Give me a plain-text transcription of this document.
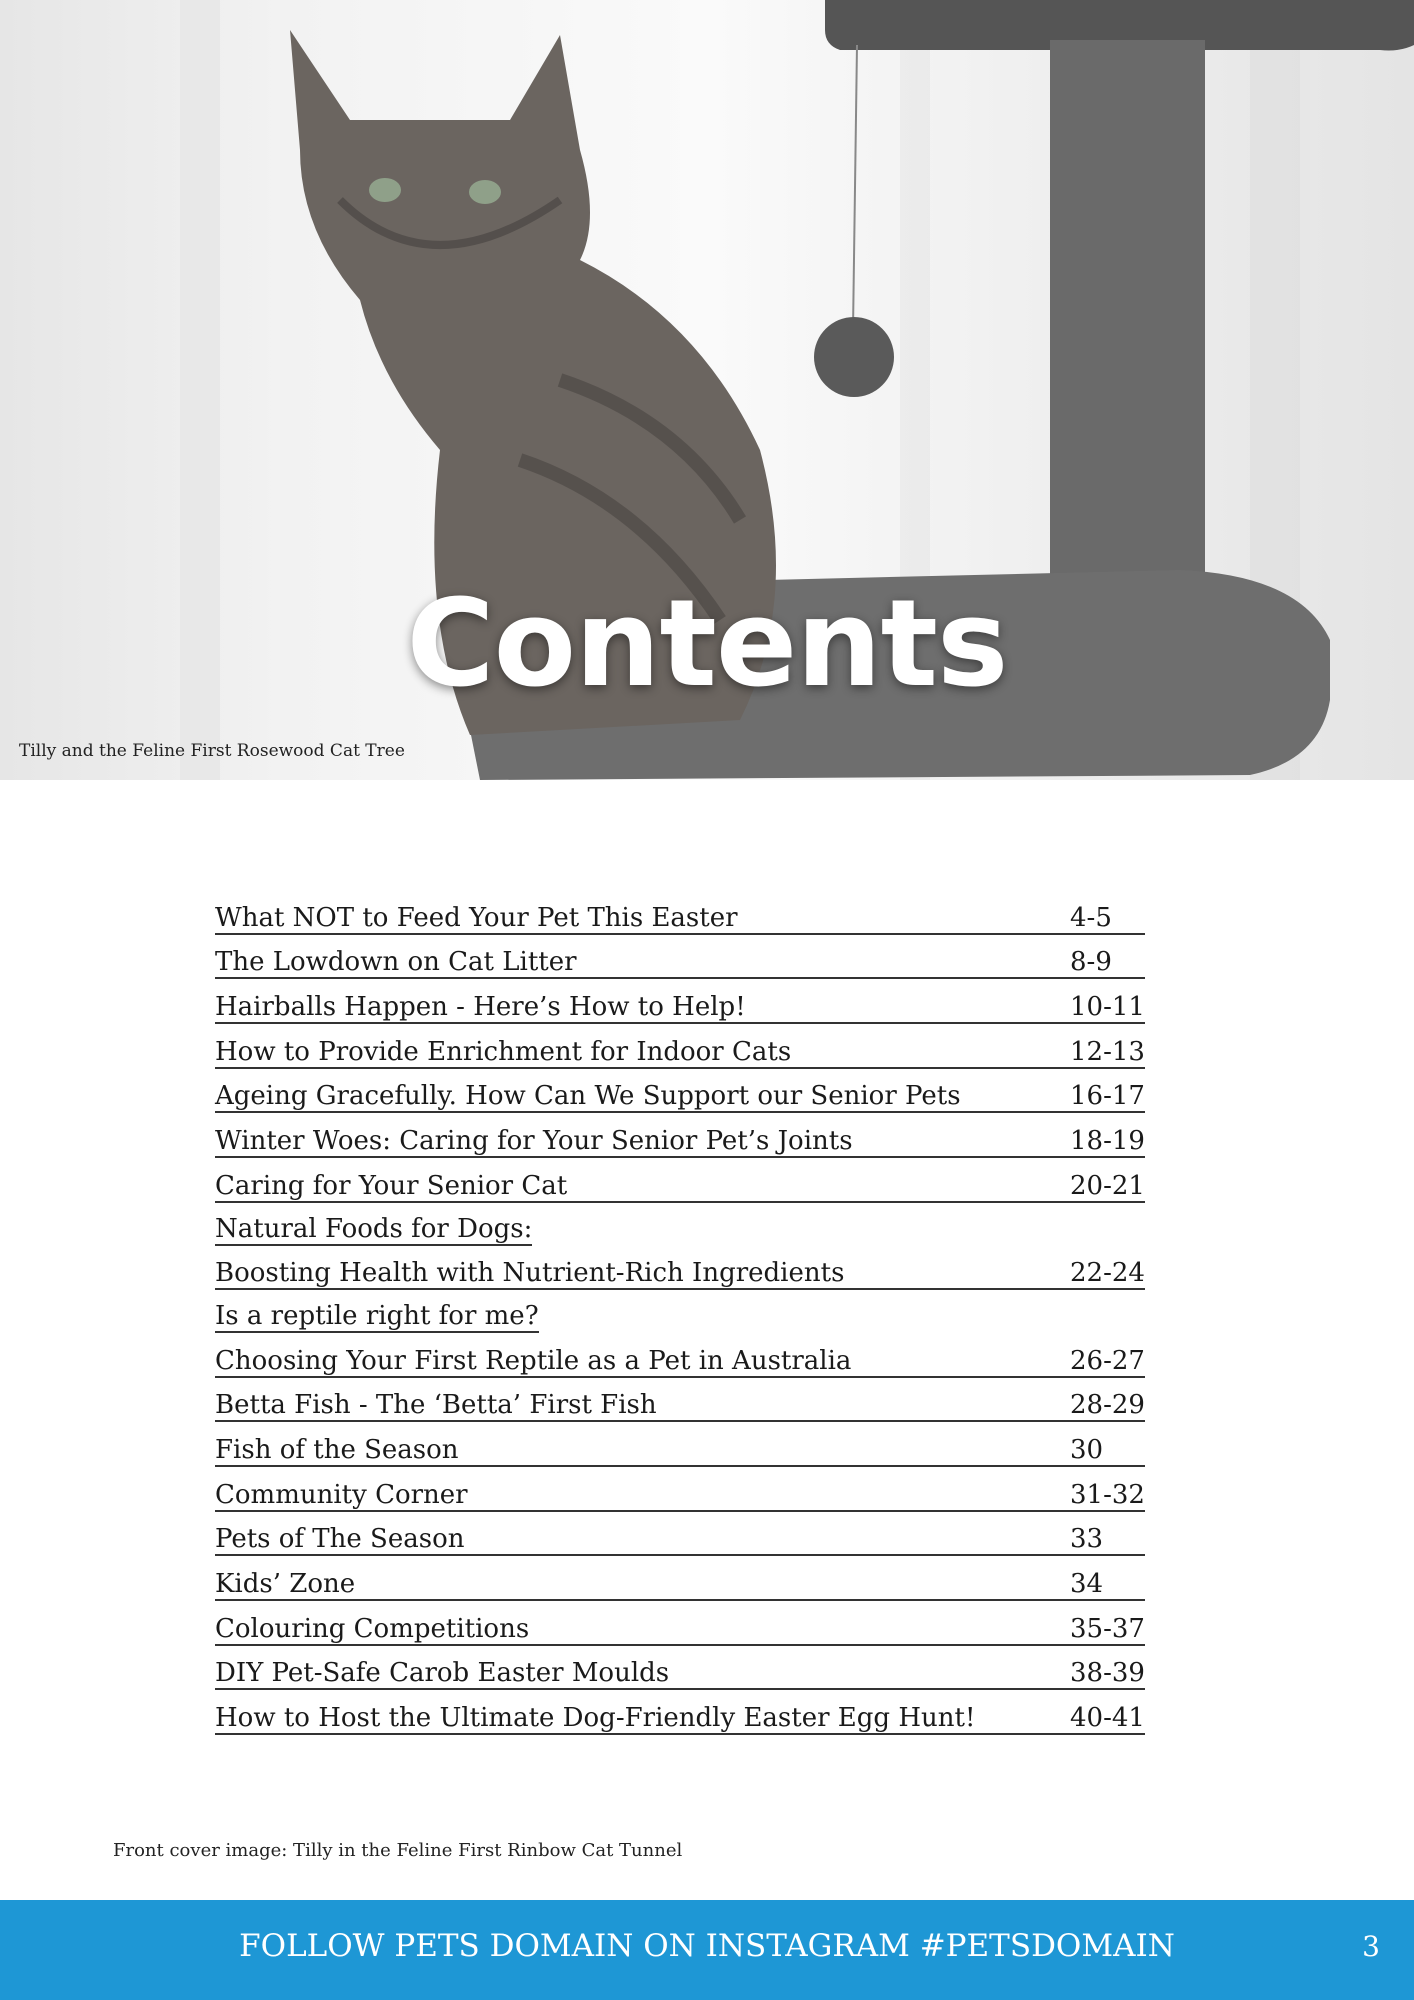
Contents
Tilly and the Feline First Rosewood Cat Tree
What NOT to Feed Your Pet This Easter	4-5
The Lowdown on Cat Litter	8-9
Hairballs Happen - Here’s How to Help!	10-11
How to Provide Enrichment for Indoor Cats	12-13
Ageing Gracefully. How Can We Support our Senior Pets	16-17
Winter Woes: Caring for Your Senior Pet’s Joints	18-19
Caring for Your Senior Cat	20-21
Natural Foods for Dogs:
Boosting Health with Nutrient-Rich Ingredients	22-24
Is a reptile right for me?
Choosing Your First Reptile as a Pet in Australia	26-27
Betta Fish - The ‘Betta’ First Fish	28-29
Fish of the Season	30
Community Corner	31-32
Pets of The Season	33
Kids’ Zone	34
Colouring Competitions	35-37
DIY Pet-Safe Carob Easter Moulds	38-39
How to Host the Ultimate Dog-Friendly Easter Egg Hunt!	40-41
Front cover image: Tilly in the Feline First Rinbow Cat Tunnel
FOLLOW PETS DOMAIN ON INSTAGRAM #PETSDOMAIN	3
